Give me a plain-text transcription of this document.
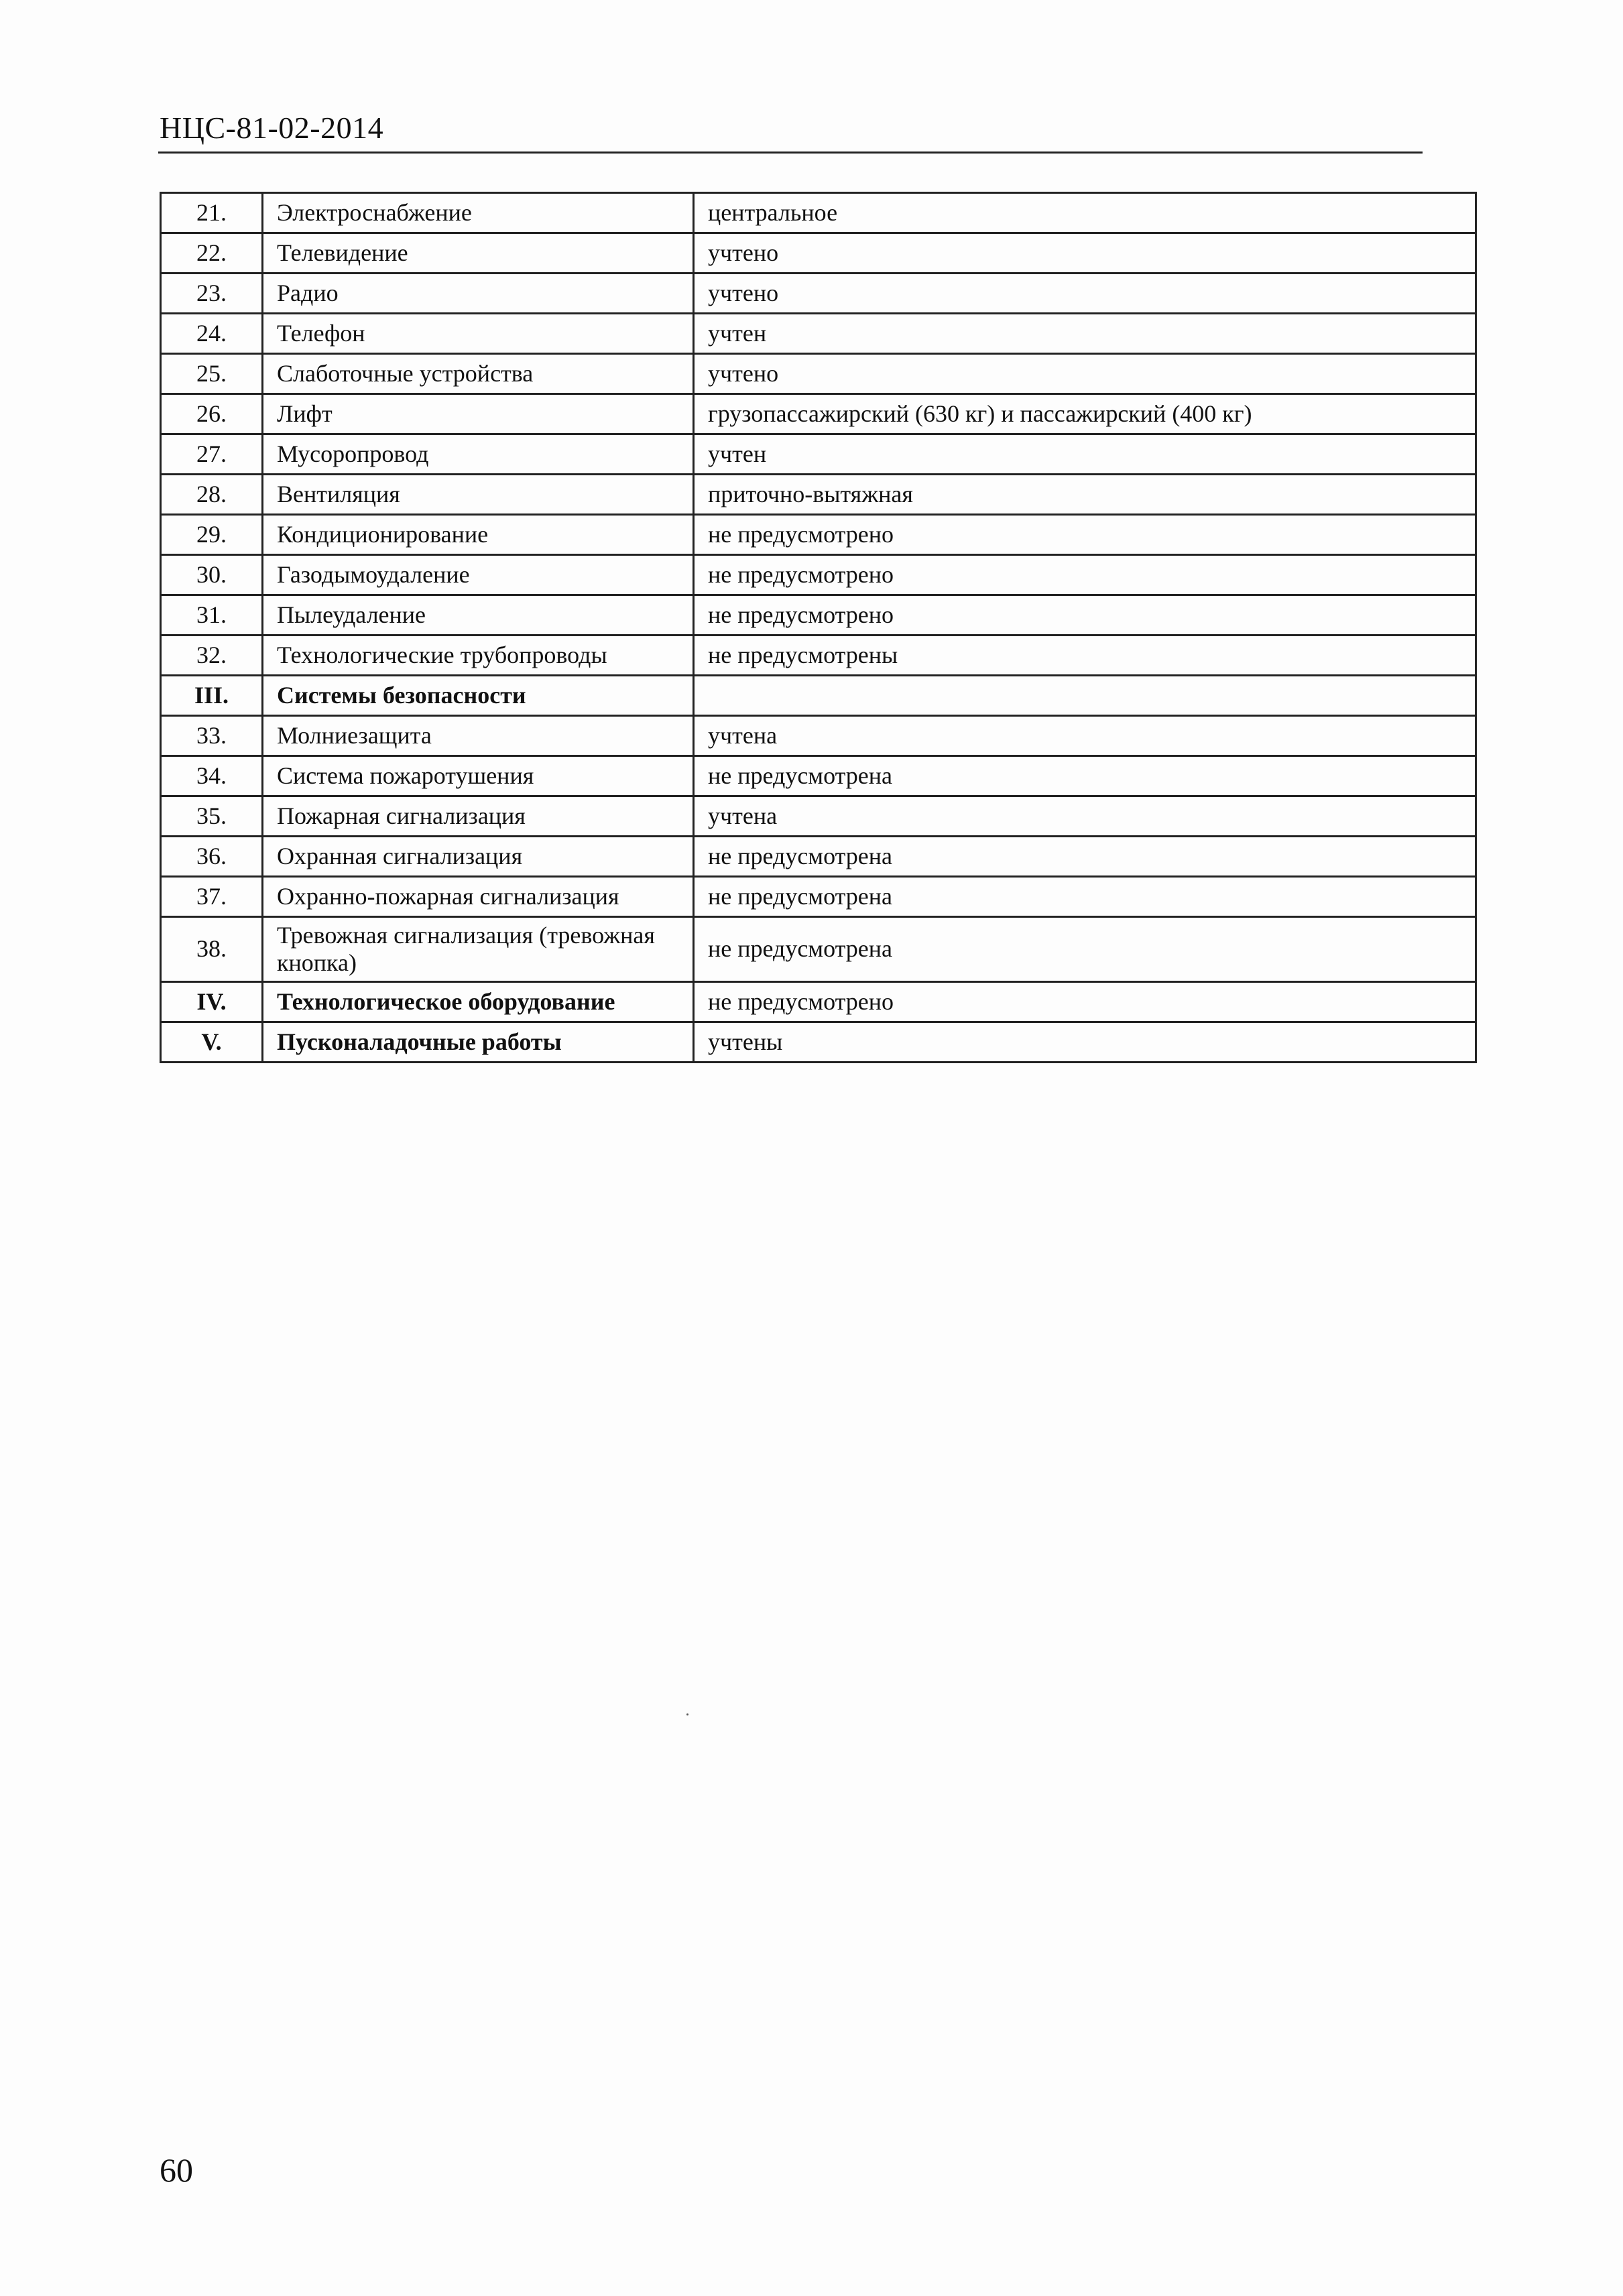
НЦС-81-02-2014
21.	Электроснабжение	центральное
22.	Телевидение	учтено
23.	Радио	учтено
24.	Телефон	учтен
25.	Слаботочные устройства	учтено
26.	Лифт	грузопассажирский (630 кг) и пассажирский (400 кг)
27.	Мусоропровод	учтен
28.	Вентиляция	приточно-вытяжная
29.	Кондиционирование	не предусмотрено
30.	Газодымоудаление	не предусмотрено
31.	Пылеудаление	не предусмотрено
32.	Технологические трубопроводы	не предусмотрены
III.	Системы безопасности	
33.	Молниезащита	учтена
34.	Система пожаротушения	не предусмотрена
35.	Пожарная сигнализация	учтена
36.	Охранная сигнализация	не предусмотрена
37.	Охранно-пожарная сигнализация	не предусмотрена
38.	Тревожная сигнализация (тревожная кнопка)	не предусмотрена
IV.	Технологическое оборудование	не предусмотрено
V.	Пусконаладочные работы	учтены
60
